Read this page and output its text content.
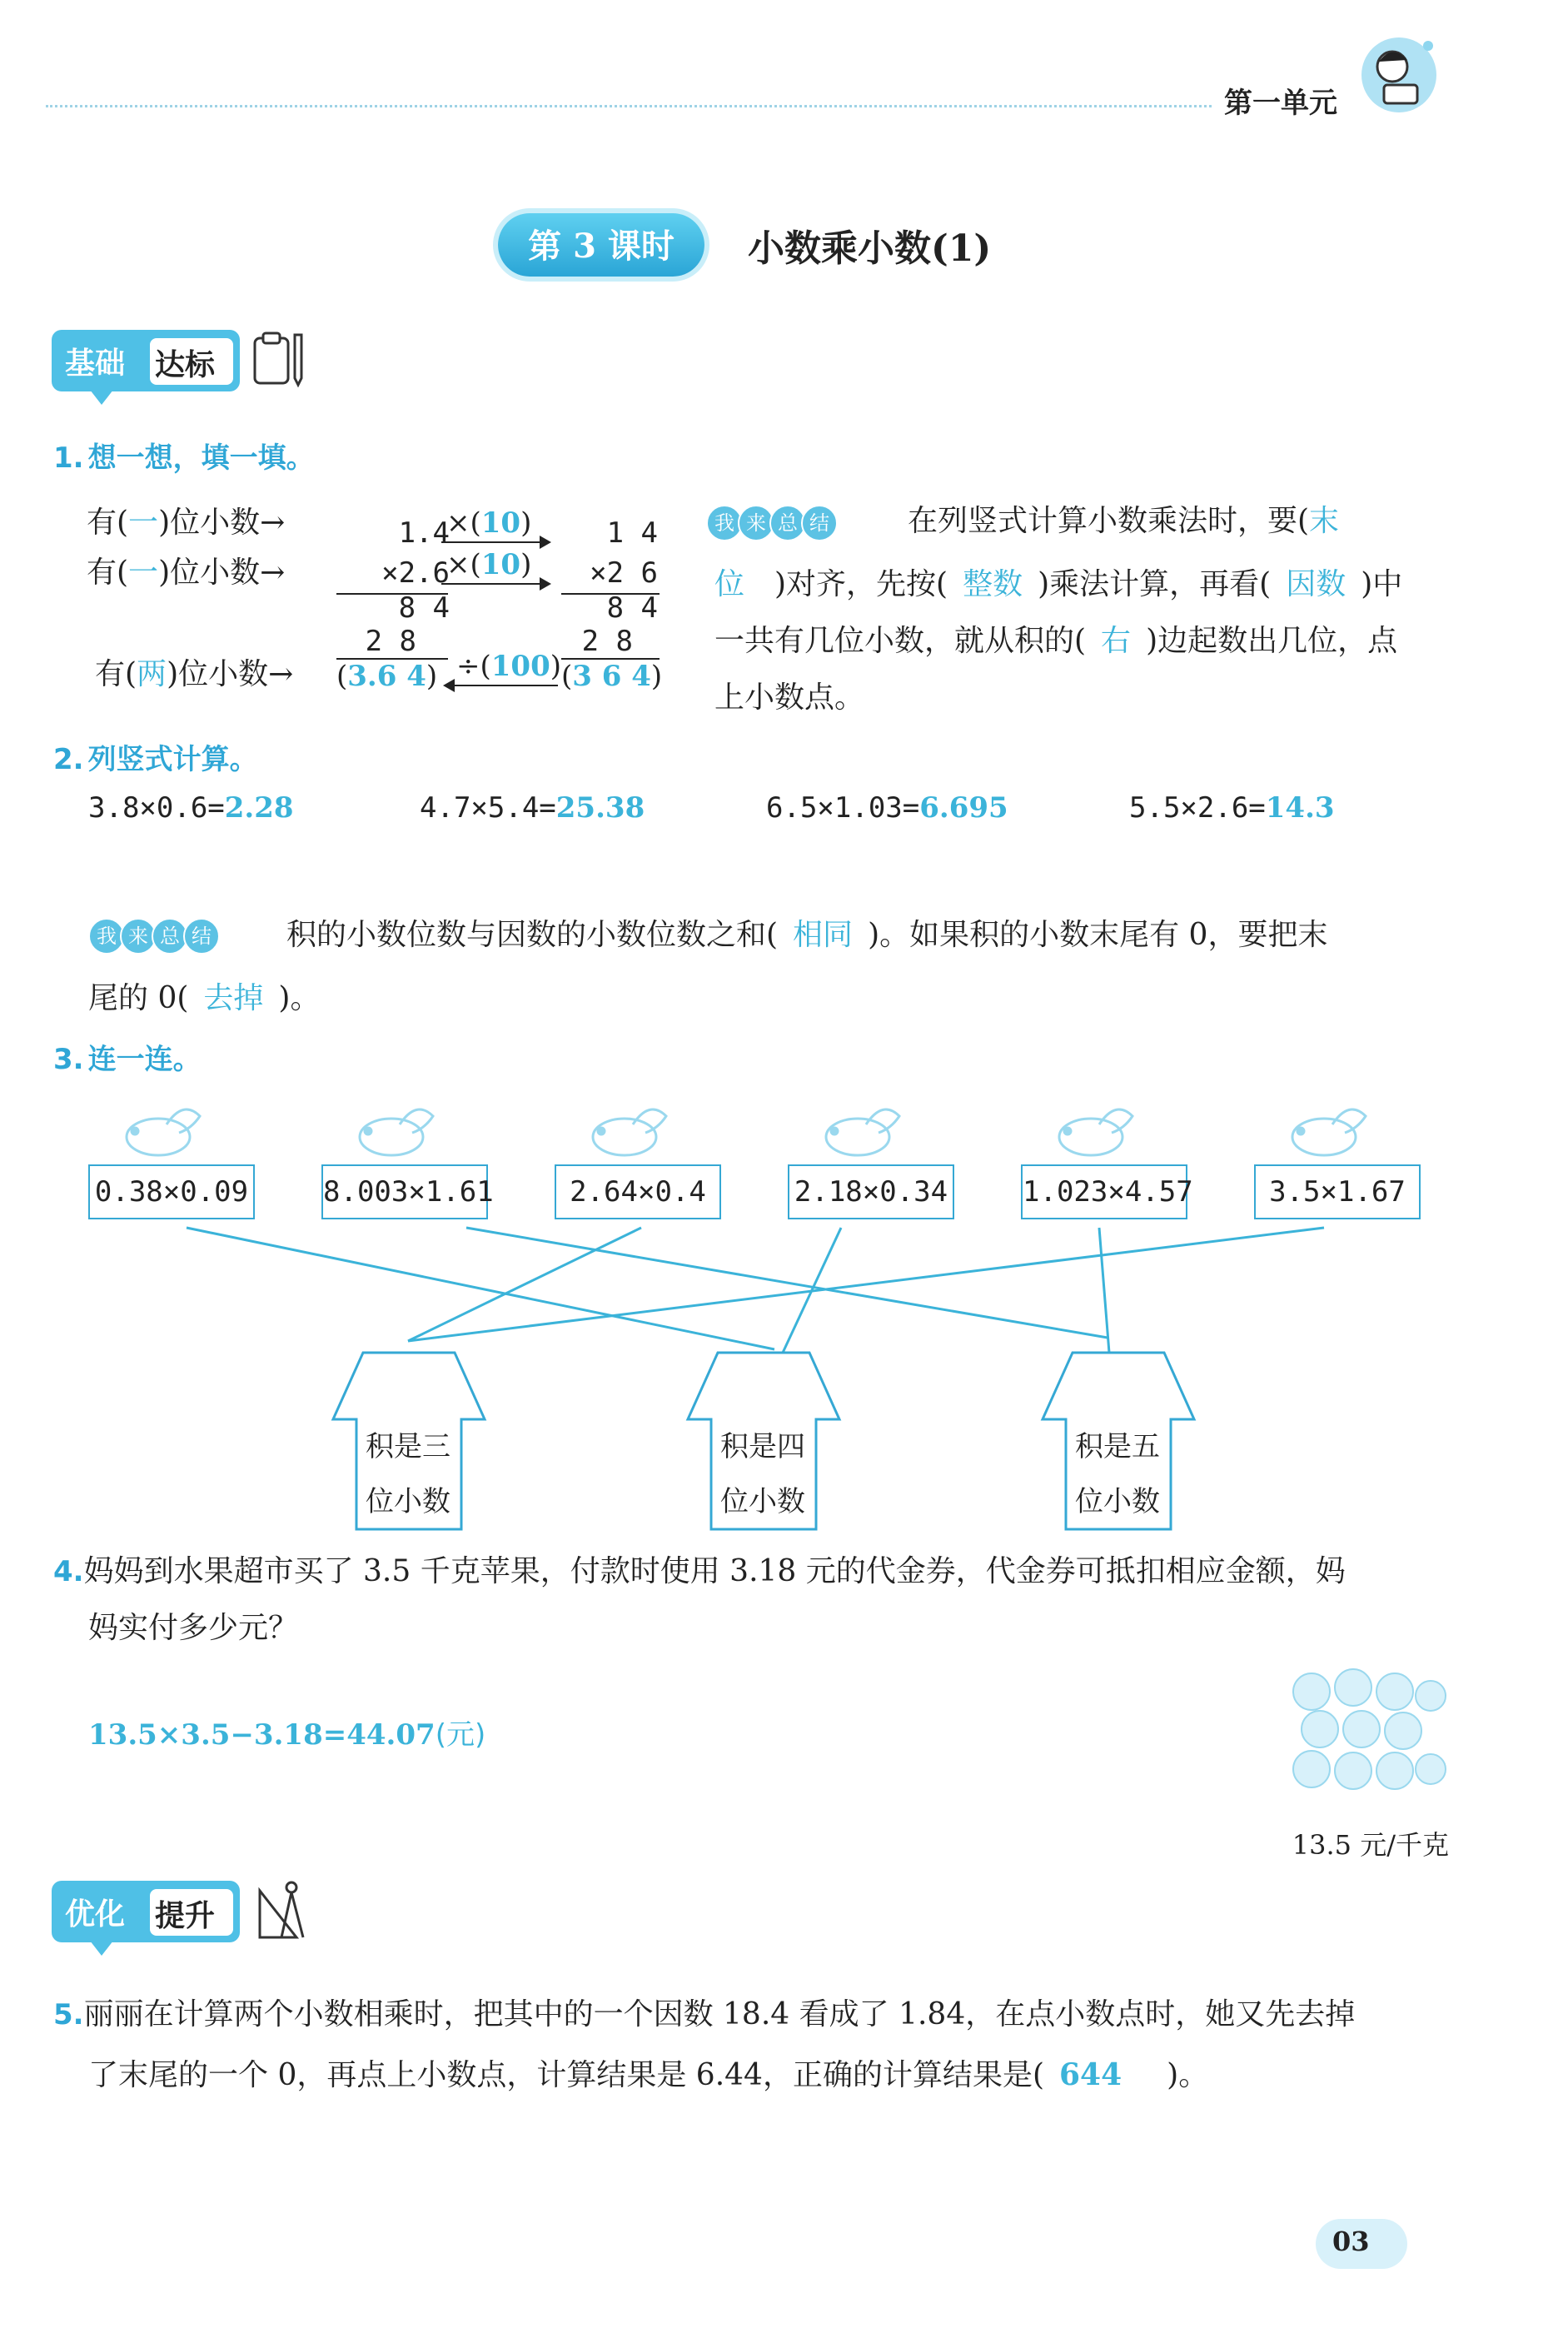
第一单元
第 3 课时	小数乘小数(1)
基础 达标
1. 想一想，填一填。
有(一)位小数→
有(一)位小数→
有(两)位小数→
1.4
×2.6
8 4
2 8
(3.6 4)
×(10)
×(10)
÷(100)
1 4
×2 6
8 4
2 8
(3 6 4)
我 来 总 结	在列竖式计算小数乘法时，要(末
位  )对齐，先按(  整数  )乘法计算，再看(  因数  )中
一共有几位小数，就从积的(  右  )边起数出几位，点
上小数点。
2. 列竖式计算。
3.8×0.6=2.28	4.7×5.4=25.38	6.5×1.03=6.695	5.5×2.6=14.3
我 来 总 结	积的小数位数与因数的小数位数之和(  相同  )。如果积的小数末尾有 0，要把末
尾的 0(  去掉  )。
3. 连一连。
0.38×0.09	8.003×1.61	2.64×0.4	2.18×0.34	1.023×4.57	3.5×1.67
积是三
位小数
积是四
位小数
积是五
位小数
4.妈妈到水果超市买了 3.5 千克苹果，付款时使用 3.18 元的代金券，代金券可抵扣相应金额，妈
妈实付多少元？
13.5×3.5−3.18=44.07(元)
13.5 元/千克
优化 提升
5.丽丽在计算两个小数相乘时，把其中的一个因数 18.4 看成了 1.84，在点小数点时，她又先去掉
了末尾的一个 0，再点上小数点，计算结果是 6.44，正确的计算结果是(  644   )。
03
